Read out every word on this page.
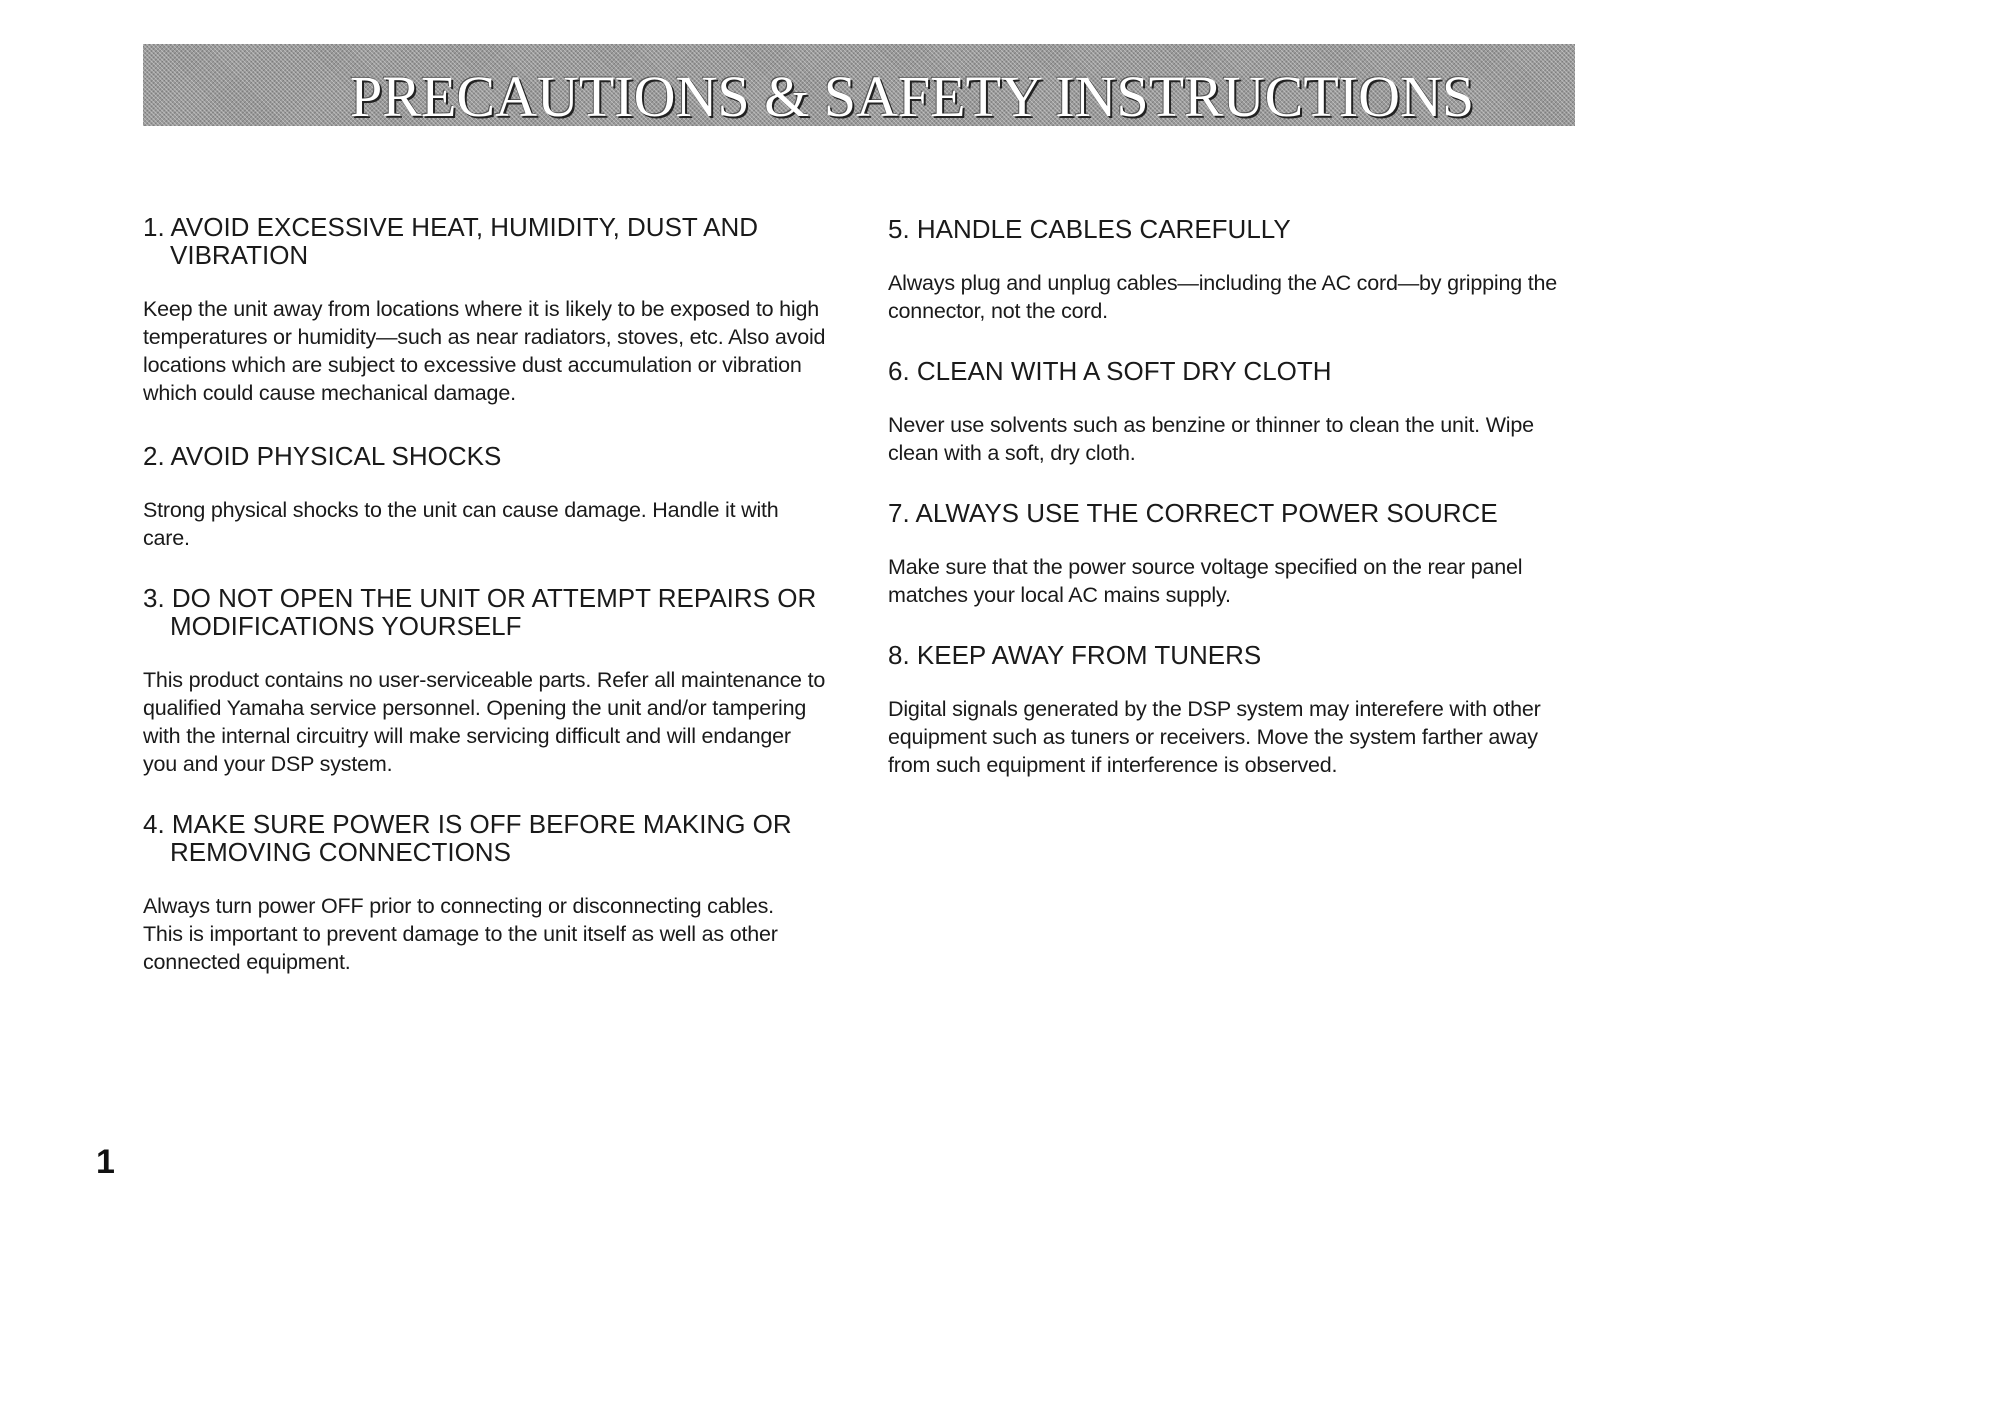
PRECAUTIONS & SAFETY INSTRUCTIONS
1. AVOID EXCESSIVE HEAT, HUMIDITY, DUST AND VIBRATION

Keep the unit away from locations where it is likely to be exposed to high temperatures or humidity—such as near radiators, stoves, etc. Also avoid locations which are subject to excessive dust accumulation or vibration which could cause mechanical damage.

2. AVOID PHYSICAL SHOCKS

Strong physical shocks to the unit can cause damage. Handle it with care.

3. DO NOT OPEN THE UNIT OR ATTEMPT REPAIRS OR MODIFICATIONS YOURSELF

This product contains no user-serviceable parts. Refer all maintenance to qualified Yamaha service personnel. Opening the unit and/or tampering with the internal circuitry will make servicing difficult and will endanger you and your DSP system.

4. MAKE SURE POWER IS OFF BEFORE MAKING OR REMOVING CONNECTIONS

Always turn power OFF prior to connecting or disconnecting cables. This is important to prevent damage to the unit itself as well as other connected equipment.

5. HANDLE CABLES CAREFULLY

Always plug and unplug cables—including the AC cord—by gripping the connector, not the cord.

6. CLEAN WITH A SOFT DRY CLOTH

Never use solvents such as benzine or thinner to clean the unit. Wipe clean with a soft, dry cloth.

7. ALWAYS USE THE CORRECT POWER SOURCE

Make sure that the power source voltage specified on the rear panel matches your local AC mains supply.

8. KEEP AWAY FROM TUNERS

Digital signals generated by the DSP system may interefere with other equipment such as tuners or receivers. Move the system farther away from such equipment if interference is observed.

1
